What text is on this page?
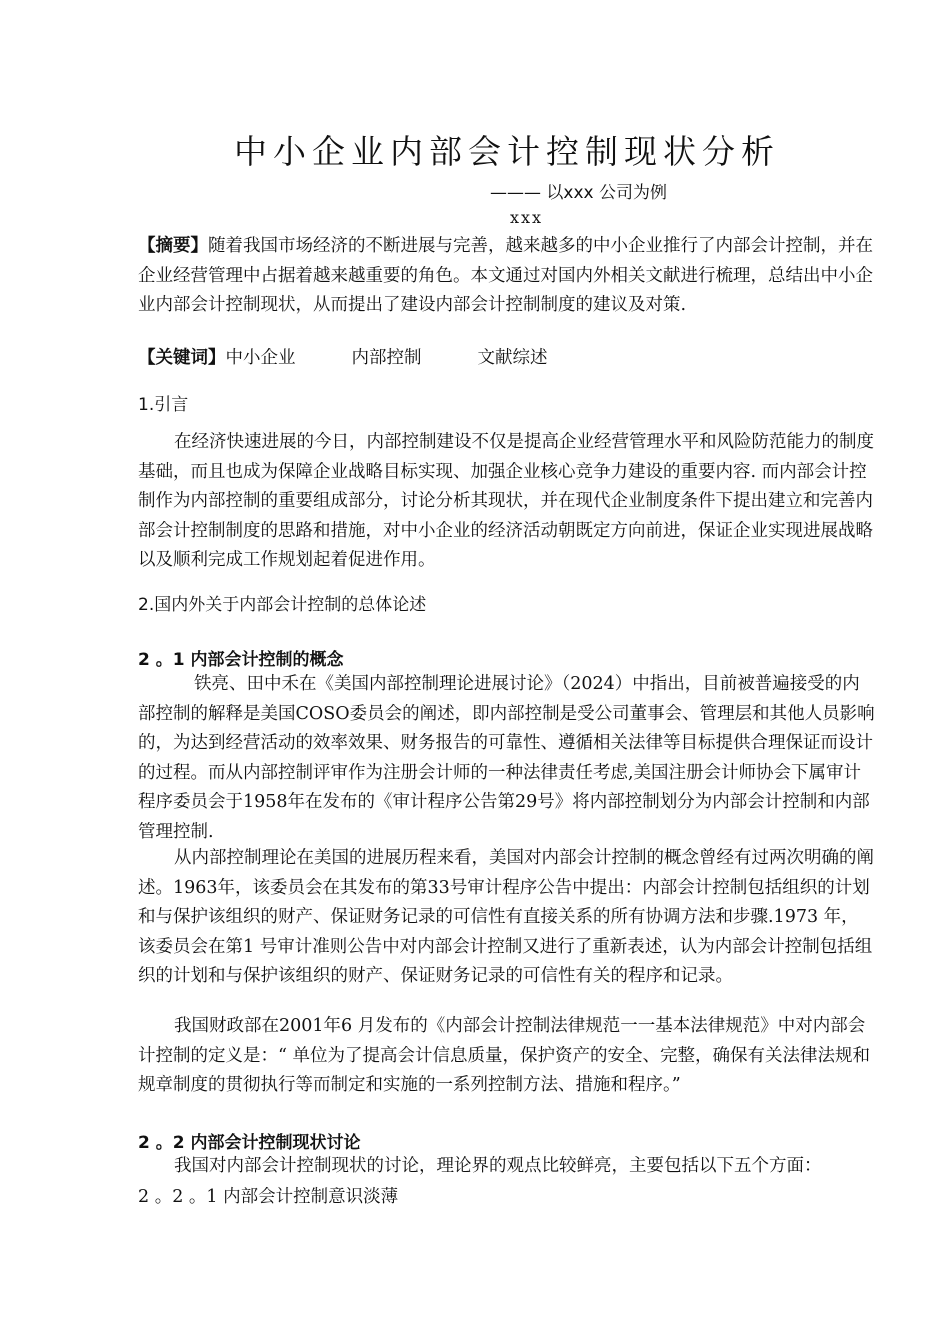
中小企业内部会计控制现状分析
——— 以xxx 公司为例
xxx

【摘要】随着我国市场经济的不断进展与完善，越来越多的中小企业推行了内部会计控制，并在企业经营管理中占据着越来越重要的角色。本文通过对国内外相关文献进行梳理，总结出中小企业内部会计控制现状，从而提出了建设内部会计控制制度的建议及对策.

【关键词】中小企业	内部控制	文献综述

1.引言

在经济快速进展的今日，内部控制建设不仅是提高企业经营管理水平和风险防范能力的制度基础，而且也成为保障企业战略目标实现、加强企业核心竞争力建设的重要内容. 而内部会计控制作为内部控制的重要组成部分，讨论分析其现状，并在现代企业制度条件下提出建立和完善内部会计控制制度的思路和措施，对中小企业的经济活动朝既定方向前进，保证企业实现进展战略以及顺利完成工作规划起着促进作用。

2.国内外关于内部会计控制的总体论述
2 。1 内部会计控制的概念

铁亮、田中禾在《美国内部控制理论进展讨论》（2024）中指出，目前被普遍接受的内部控制的解释是美国COSO委员会的阐述，即内部控制是受公司董事会、管理层和其他人员影响的，为达到经营活动的效率效果、财务报告的可靠性、遵循相关法律等目标提供合理保证而设计的过程。而从内部控制评审作为注册会计师的一种法律责任考虑,美国注册会计师协会下属审计程序委员会于1958年在发布的《审计程序公告第29号》将内部控制划分为内部会计控制和内部管理控制.

从内部控制理论在美国的进展历程来看，美国对内部会计控制的概念曾经有过两次明确的阐述。1963年，该委员会在其发布的第33号审计程序公告中提出：内部会计控制包括组织的计划和与保护该组织的财产、保证财务记录的可信性有直接关系的所有协调方法和步骤.1973 年，该委员会在第1 号审计准则公告中对内部会计控制又进行了重新表述，认为内部会计控制包括组织的计划和与保护该组织的财产、保证财务记录的可信性有关的程序和记录。

我国财政部在2001年6 月发布的《内部会计控制法律规范一一基本法律规范》中对内部会计控制的定义是：“ 单位为了提高会计信息质量，保护资产的安全、完整，确保有关法律法规和规章制度的贯彻执行等而制定和实施的一系列控制方法、措施和程序。”

2 。2 内部会计控制现状讨论

我国对内部会计控制现状的讨论，理论界的观点比较鲜亮，主要包括以下五个方面：

2 。2 。1 内部会计控制意识淡薄
